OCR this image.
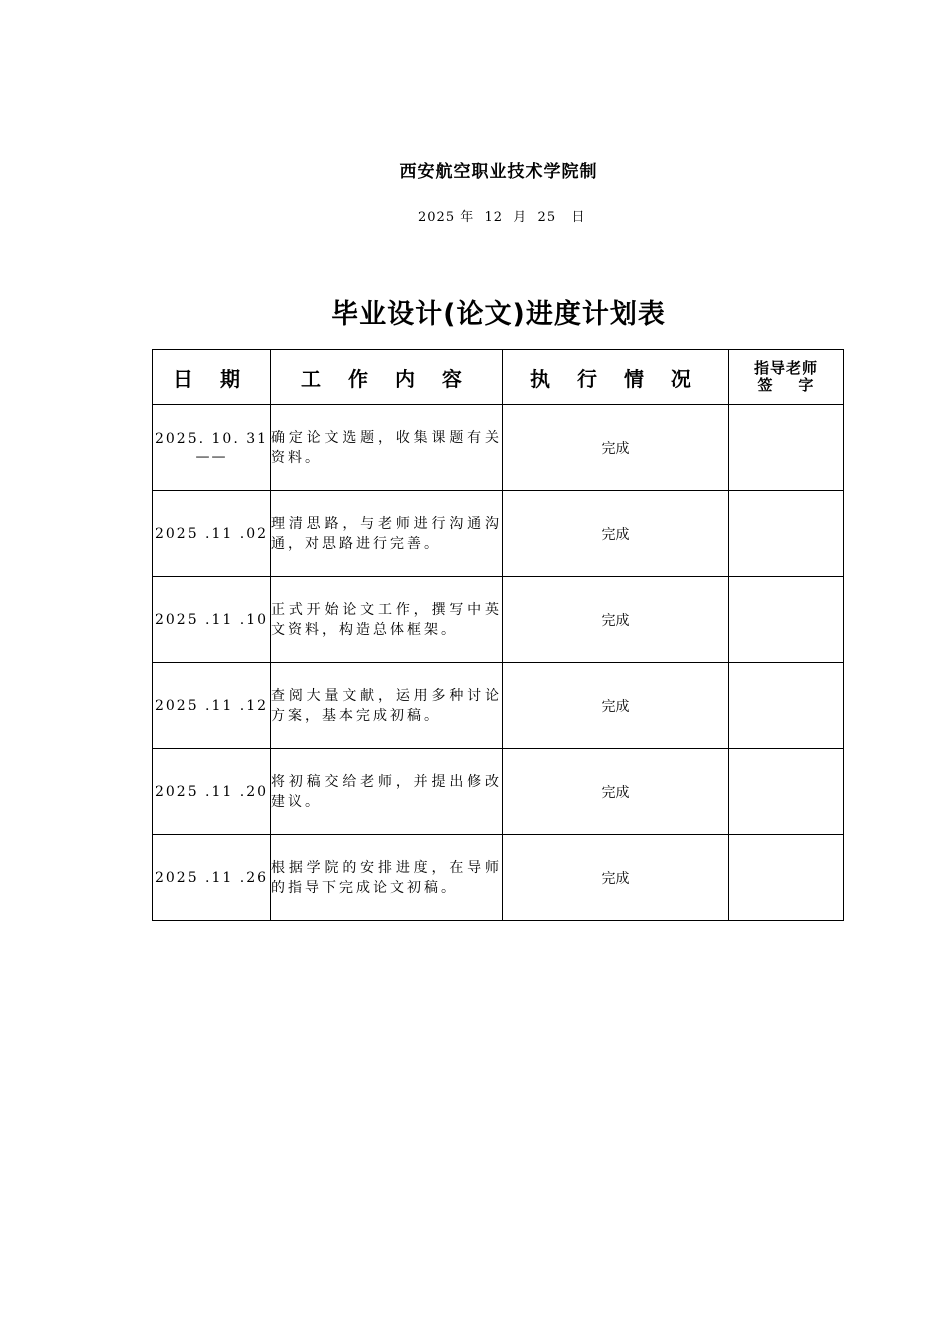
西安航空职业技术学院制
2025 年  12  月  25   日
毕业设计(论文)进度计划表
日 期	工 作 内 容	执 行 情 况	指导老师
签    字

2025. 10. 31
——	确定论文选题，收集课题有关资料。	完成	
2025 .11 .02	理清思路，与老师进行沟通沟通，对思路进行完善。	完成	
2025 .11 .10	正式开始论文工作，撰写中英文资料，构造总体框架。	完成	
2025 .11 .12	查阅大量文献，运用多种讨论方案，基本完成初稿。	完成	
2025 .11 .20	将初稿交给老师，并提出修改建议。	完成	
2025 .11 .26	根据学院的安排进度，在导师的指导下完成论文初稿。	完成	
